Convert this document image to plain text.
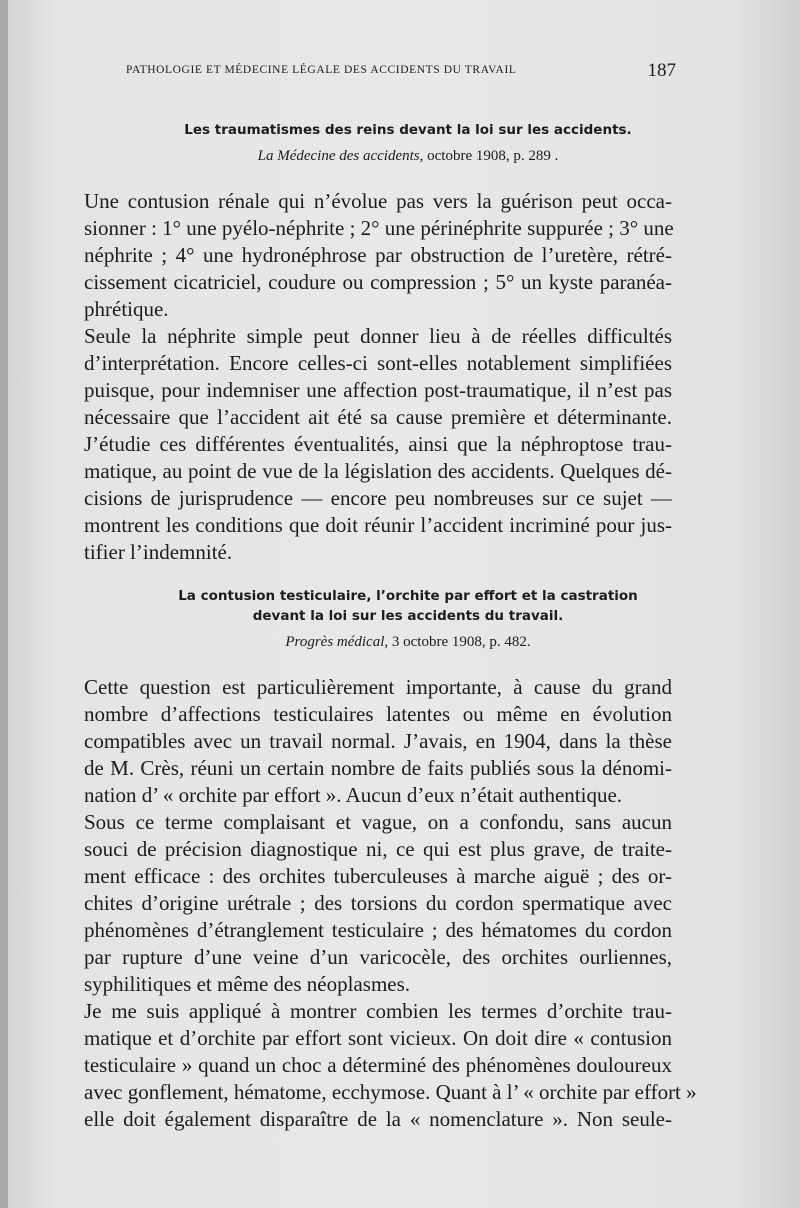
PATHOLOGIE ET MÉDECINE LÉGALE DES ACCIDENTS DU TRAVAIL	187
Les traumatismes des reins devant la loi sur les accidents.
La Médecine des accidents, octobre 1908, p. 289 .
Une contusion rénale qui n’évolue pas vers la guérison peut occa-
sionner : 1° une pyélo-néphrite ; 2° une périnéphrite suppurée ; 3° une
néphrite ; 4° une hydronéphrose par obstruction de l’uretère, rétré-
cissement cicatriciel, coudure ou compression ; 5° un kyste paranéa-
phrétique.
Seule la néphrite simple peut donner lieu à de réelles difficultés
d’interprétation. Encore celles-ci sont-elles notablement simplifiées
puisque, pour indemniser une affection post-traumatique, il n’est pas
nécessaire que l’accident ait été sa cause première et déterminante.
J’étudie ces différentes éventualités, ainsi que la néphroptose trau-
matique, au point de vue de la législation des accidents. Quelques dé-
cisions de jurisprudence — encore peu nombreuses sur ce sujet —
montrent les conditions que doit réunir l’accident incriminé pour jus-
tifier l’indemnité.
La contusion testiculaire, l’orchite par effort et la castration
devant la loi sur les accidents du travail.
Progrès médical, 3 octobre 1908, p. 482.
Cette question est particulièrement importante, à cause du grand
nombre d’affections testiculaires latentes ou même en évolution
compatibles avec un travail normal. J’avais, en 1904, dans la thèse
de M. Crès, réuni un certain nombre de faits publiés sous la dénomi-
nation d’ « orchite par effort ». Aucun d’eux n’était authentique.
Sous ce terme complaisant et vague, on a confondu, sans aucun
souci de précision diagnostique ni, ce qui est plus grave, de traite-
ment efficace : des orchites tuberculeuses à marche aiguë ; des or-
chites d’origine urétrale ; des torsions du cordon spermatique avec
phénomènes d’étranglement testiculaire ; des hématomes du cordon
par rupture d’une veine d’un varicocèle, des orchites ourliennes,
syphilitiques et même des néoplasmes.
Je me suis appliqué à montrer combien les termes d’orchite trau-
matique et d’orchite par effort sont vicieux. On doit dire « contusion
testiculaire » quand un choc a déterminé des phénomènes douloureux
avec gonflement, hématome, ecchymose. Quant à l’ « orchite par effort »
elle doit également disparaître de la « nomenclature ». Non seule-
